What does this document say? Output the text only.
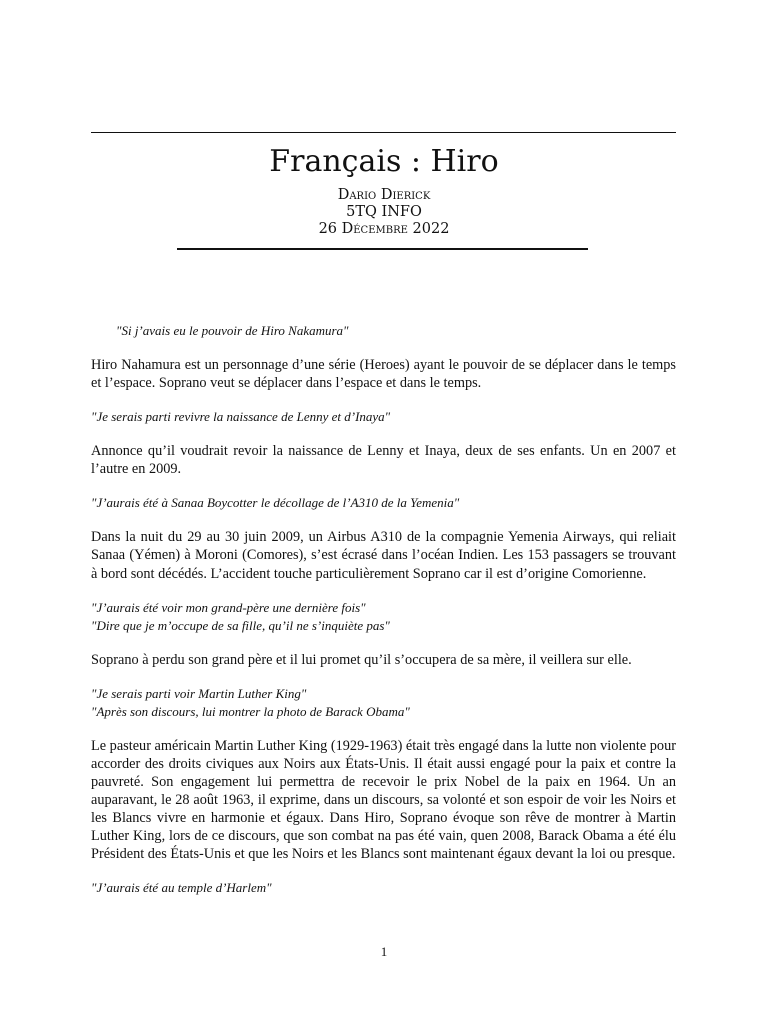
Français : Hiro
Dario Dierick
5TQ INFO
26 Décembre 2022

"Si j’avais eu le pouvoir de Hiro Nakamura"

Hiro Nahamura est un personnage d’une série (Heroes) ayant le pouvoir de se déplacer dans le temps et l’espace. Soprano veut se déplacer dans l’espace et dans le temps.

"Je serais parti revivre la naissance de Lenny et d’Inaya"

Annonce qu’il voudrait revoir la naissance de Lenny et Inaya, deux de ses enfants. Un en 2007 et l’autre en 2009.

"J’aurais été à Sanaa Boycotter le décollage de l’A310 de la Yemenia"

Dans la nuit du 29 au 30 juin 2009, un Airbus A310 de la compagnie Yemenia Airways, qui reliait Sanaa (Yémen) à Moroni (Comores), s’est écrasé dans l’océan Indien. Les 153 passagers se trouvant à bord sont décédés. L’accident touche particulièrement Soprano car il est d’origine Comorienne.

"J’aurais été voir mon grand-père une dernière fois"

"Dire que je m’occupe de sa fille, qu’il ne s’inquiète pas"

Soprano à perdu son grand père et il lui promet qu’il s’occupera de sa mère, il veillera sur elle.

"Je serais parti voir Martin Luther King"

"Après son discours, lui montrer la photo de Barack Obama"

Le pasteur américain Martin Luther King (1929-1963) était très engagé dans la lutte non violente pour accorder des droits civiques aux Noirs aux États-Unis. Il était aussi engagé pour la paix et contre la pauvreté. Son engagement lui permettra de recevoir le prix Nobel de la paix en 1964. Un an auparavant, le 28 août 1963, il exprime, dans un discours, sa volonté et son espoir de voir les Noirs et les Blancs vivre en harmonie et égaux. Dans Hiro, Soprano évoque son rêve de montrer à Martin Luther King, lors de ce discours, que son combat na pas été vain, quen 2008, Barack Obama a été élu Président des États-Unis et que les Noirs et les Blancs sont maintenant égaux devant la loi ou presque.

"J’aurais été au temple d’Harlem"

1
